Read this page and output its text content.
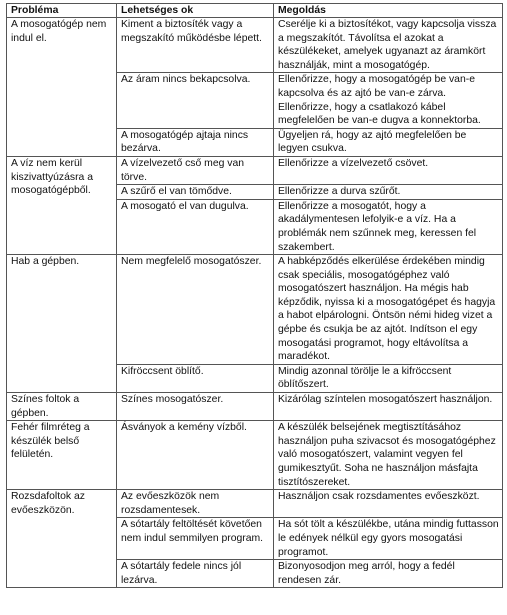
Probléma	Lehetséges ok	Megoldás
A mosogatógép nem indul el.	Kiment a biztosíték vagy a megszakító működésbe lépett.	Cserélje ki a biztosítékot, vagy kapcsolja vissza a megszakítót. Távolítsa el azokat a készülékeket, amelyek ugyanazt az áramkört használják, mint a mosogatógép.
	Az áram nincs bekapcsolva.	Ellenőrizze, hogy a mosogatógép be van-e kapcsolva és az ajtó be van-e zárva.
Ellenőrizze, hogy a csatlakozó kábel megfelelően be van-e dugva a konnektorba.
	A mosogatógép ajtaja nincs bezárva.	Ügyeljen rá, hogy az ajtó megfelelően be legyen csukva.
A víz nem kerül kiszivattyúzásra a mosogatógépből.	A vízelvezető cső meg van törve.	Ellenőrizze a vízelvezető csövet.
	A szűrő el van tömődve.	Ellenőrizze a durva szűrőt.
	A mosogató el van dugulva.	Ellenőrizze a mosogatót, hogy a akadálymentesen lefolyik-e a víz. Ha a problémák nem szűnnek meg, keressen fel szakembert.
Hab a gépben.	Nem megfelelő mosogatószer.	A habképződés elkerülése érdekében mindig csak speciális, mosogatógéphez való mosogatószert használjon. Ha mégis hab képződik, nyissa ki a mosogatógépet és hagyja a habot elpárologni. Öntsön némi hideg vizet a gépbe és csukja be az ajtót. Indítson el egy mosogatási programot, hogy eltávolítsa a maradékot.
	Kifröccsent öblítő.	Mindig azonnal törölje le a kifröccsent öblítőszert.
Színes foltok a gépben.	Színes mosogatószer.	Kizárólag színtelen mosogatószert használjon.
Fehér filmréteg a készülék belső felületén.	Ásványok a kemény vízből.	A készülék belsejének megtisztításához használjon puha szivacsot és mosogatógéphez való mosogatószert, valamint vegyen fel gumikesztyűt. Soha ne használjon másfajta tisztítószereket.
Rozsdafoltok az evőeszközön.	Az evőeszközök nem rozsdamentesek.	Használjon csak rozsdamentes evőeszközt.
	A sótartály feltöltését követően nem indul semmilyen program.	Ha sót tölt a készülékbe, utána mindig futtasson le edények nélkül egy gyors mosogatási programot.
	A sótartály fedele nincs jól lezárva.	Bizonyosodjon meg arról, hogy a fedél rendesen zár.
